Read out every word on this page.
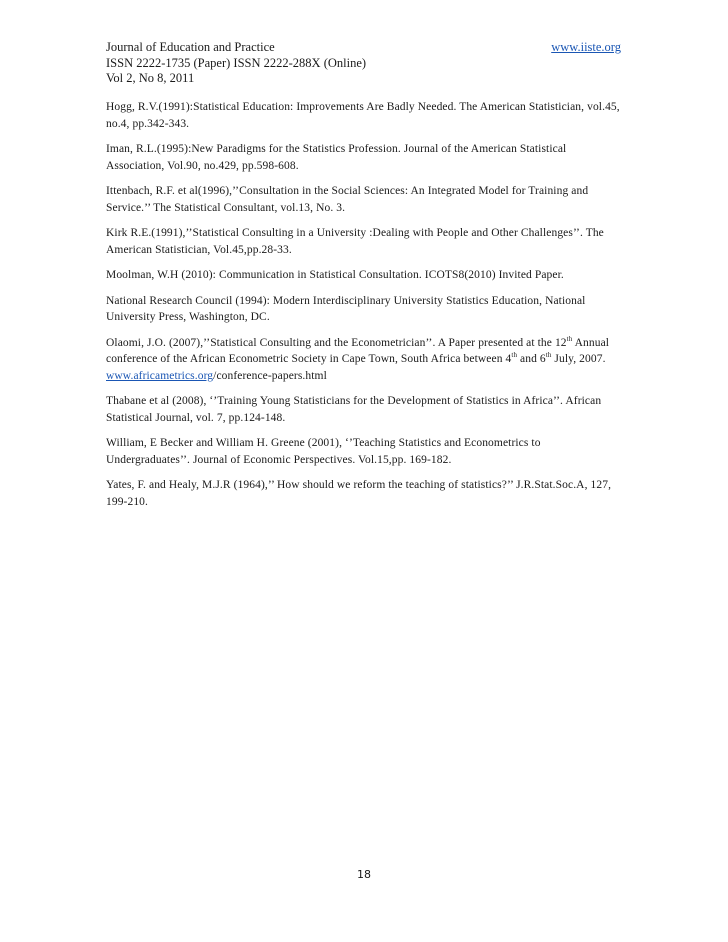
Journal of Education and Practice	www.iiste.org
ISSN 2222-1735 (Paper) ISSN 2222-288X (Online)
Vol 2, No 8, 2011

Hogg, R.V.(1991):Statistical Education: Improvements Are Badly Needed. The American Statistician, vol.45, no.4, pp.342-343.

Iman, R.L.(1995):New Paradigms for the Statistics Profession. Journal of the American Statistical Association, Vol.90, no.429, pp.598-608.

Ittenbach, R.F. et al(1996),’’Consultation in the Social Sciences: An Integrated Model for Training and Service.’’ The Statistical Consultant, vol.13, No. 3.

Kirk R.E.(1991),’’Statistical Consulting in a University :Dealing with People and Other Challenges’’. The American Statistician, Vol.45,pp.28-33.

Moolman, W.H (2010): Communication in Statistical Consultation. ICOTS8(2010) Invited Paper.

National Research Council (1994): Modern Interdisciplinary University Statistics Education, National University Press, Washington, DC.

Olaomi, J.O. (2007),’’Statistical Consulting and the Econometrician’’. A Paper presented at the 12th Annual conference of the African Econometric Society in Cape Town, South Africa between 4th and 6th July, 2007. www.africametrics.org/conference-papers.html

Thabane et al (2008), ‘’Training Young Statisticians for the Development of Statistics in Africa’’. African Statistical Journal, vol. 7, pp.124-148.

William, E Becker and William H. Greene (2001), ‘’Teaching Statistics and Econometrics to Undergraduates’’. Journal of Economic Perspectives. Vol.15,pp. 169-182.

Yates, F. and Healy, M.J.R (1964),’’ How should we reform the teaching of statistics?’’ J.R.Stat.Soc.A, 127, 199-210.

18
